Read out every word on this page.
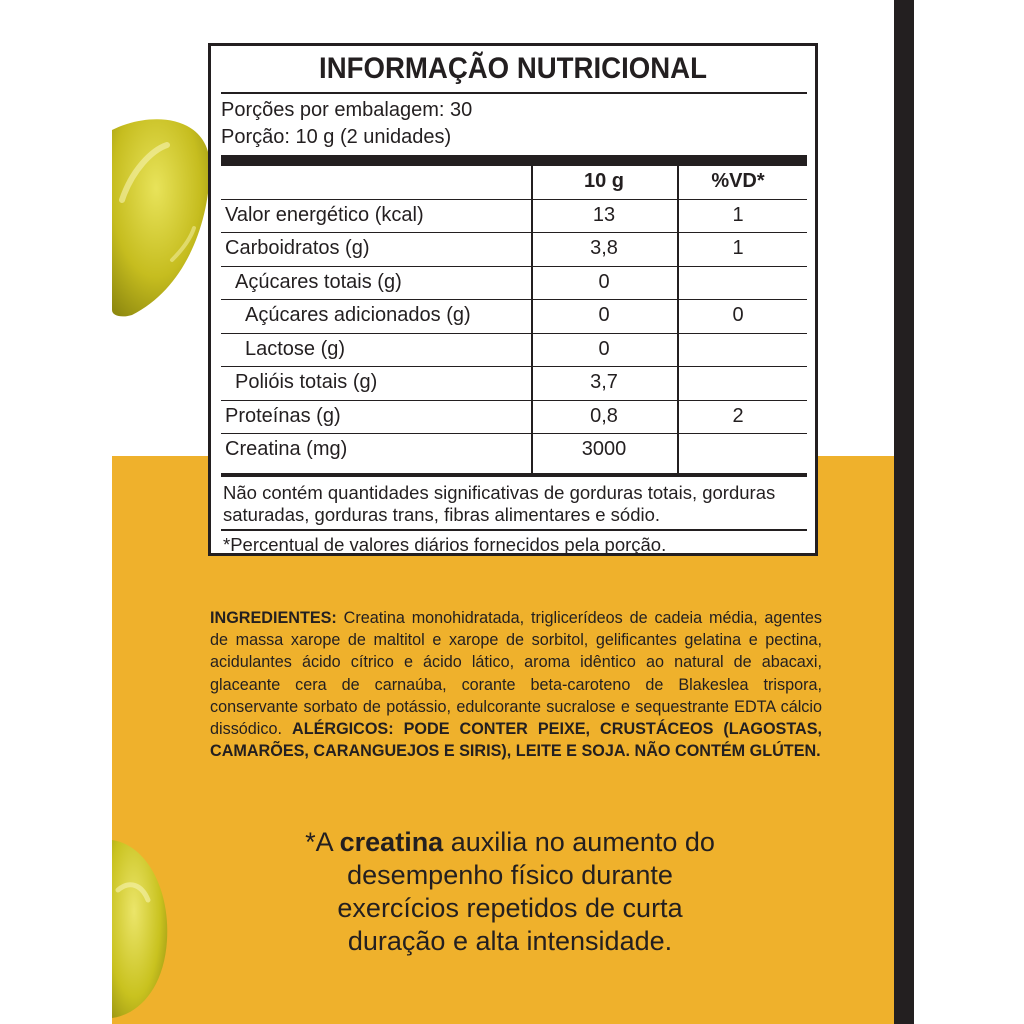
INFORMAÇÃO NUTRICIONAL
Porções por embalagem: 30
Porção: 10 g (2 unidades)
10 g	%VD*
Valor energético (kcal)	13	1
Carboidratos (g)	3,8	1
Açúcares totais (g)	0
Açúcares adicionados (g)	0	0
Lactose (g)	0
Polióis totais (g)	3,7
Proteínas (g)	0,8	2
Creatina (mg)	3000
Não contém quantidades significativas de gorduras totais, gorduras saturadas, gorduras trans, fibras alimentares e sódio.
*Percentual de valores diários fornecidos pela porção.
INGREDIENTES: Creatina monohidratada, triglicerídeos de cadeia média, agentes de massa xarope de maltitol e xarope de sorbitol, gelificantes gelatina e pectina, acidulantes ácido cítrico e ácido lático, aroma idêntico ao natural de abacaxi, glaceante cera de carnaúba, corante beta-caroteno de Blakeslea trispora, conservante sorbato de potássio, edulcorante sucralose e sequestrante EDTA cálcio dissódico. ALÉRGICOS: PODE CONTER PEIXE, CRUSTÁCEOS (LAGOSTAS, CAMARÕES, CARANGUEJOS E SIRIS), LEITE E SOJA. NÃO CONTÉM GLÚTEN.
*A creatina auxilia no aumento do desempenho físico durante exercícios repetidos de curta duração e alta intensidade.
